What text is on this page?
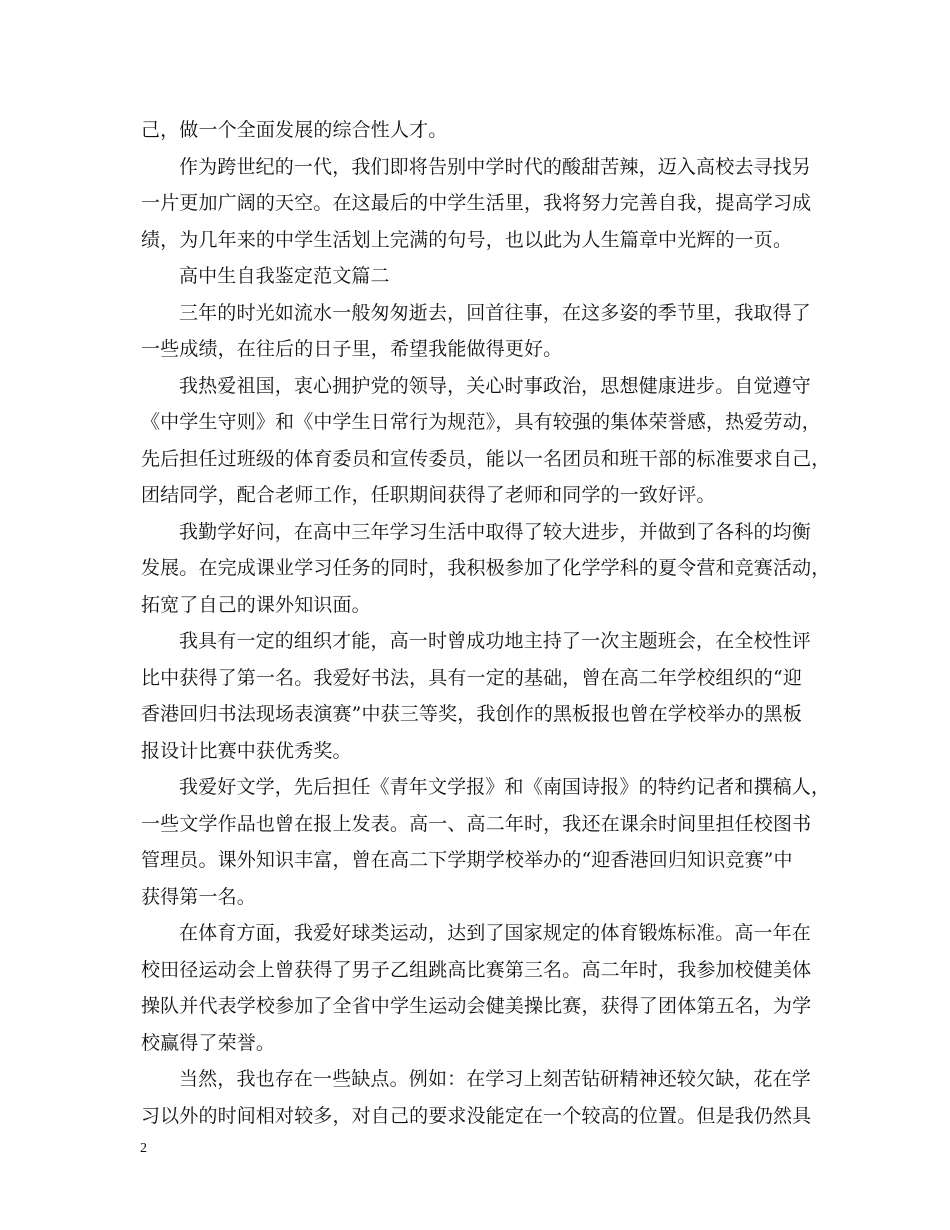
己，做一个全面发展的综合性人才。
作为跨世纪的一代，我们即将告别中学时代的酸甜苦辣，迈入高校去寻找另
一片更加广阔的天空。在这最后的中学生活里，我将努力完善自我，提高学习成
绩，为几年来的中学生活划上完满的句号，也以此为人生篇章中光辉的一页。
高中生自我鉴定范文篇二
三年的时光如流水一般匆匆逝去，回首往事，在这多姿的季节里，我取得了
一些成绩，在往后的日子里，希望我能做得更好。
我热爱祖国，衷心拥护党的领导，关心时事政治，思想健康进步。自觉遵守
《中学生守则》和《中学生日常行为规范》，具有较强的集体荣誉感，热爱劳动，
先后担任过班级的体育委员和宣传委员，能以一名团员和班干部的标准要求自己，
团结同学，配合老师工作，任职期间获得了老师和同学的一致好评。
我勤学好问，在高中三年学习生活中取得了较大进步，并做到了各科的均衡
发展。在完成课业学习任务的同时，我积极参加了化学学科的夏令营和竞赛活动，
拓宽了自己的课外知识面。
我具有一定的组织才能，高一时曾成功地主持了一次主题班会，在全校性评
比中获得了第一名。我爱好书法，具有一定的基础，曾在高二年学校组织的“迎
香港回归书法现场表演赛”中获三等奖，我创作的黑板报也曾在学校举办的黑板
报设计比赛中获优秀奖。
我爱好文学，先后担任《青年文学报》和《南国诗报》的特约记者和撰稿人，
一些文学作品也曾在报上发表。高一、高二年时，我还在课余时间里担任校图书
管理员。课外知识丰富，曾在高二下学期学校举办的“迎香港回归知识竞赛”中
获得第一名。
在体育方面，我爱好球类运动，达到了国家规定的体育锻炼标准。高一年在
校田径运动会上曾获得了男子乙组跳高比赛第三名。高二年时，我参加校健美体
操队并代表学校参加了全省中学生运动会健美操比赛，获得了团体第五名，为学
校赢得了荣誉。
当然，我也存在一些缺点。例如：在学习上刻苦钻研精神还较欠缺，花在学
习以外的时间相对较多，对自己的要求没能定在一个较高的位置。但是我仍然具
2
